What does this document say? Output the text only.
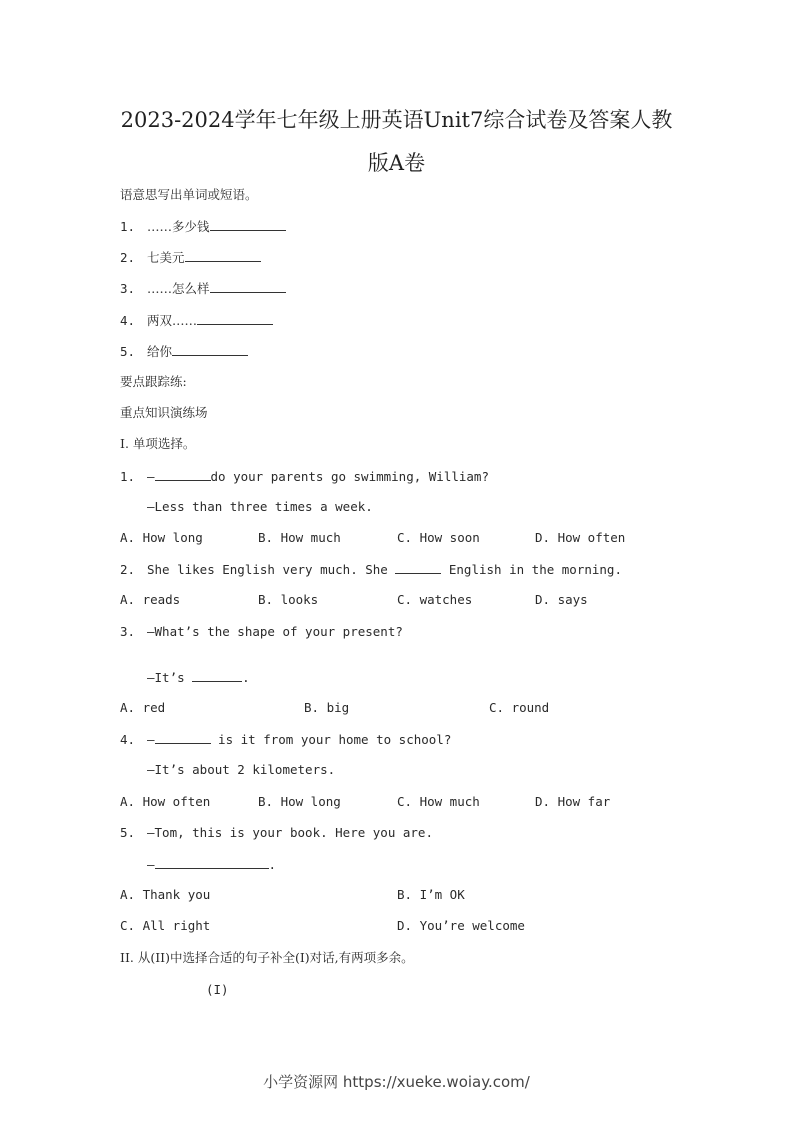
2023-2024学年七年级上册英语Unit7综合试卷及答案人教
版A卷
语意思写出单词或短语。
1. ……多少钱
2. 七美元
3. ……怎么样
4. 两双……
5. 给你
要点跟踪练:
重点知识演练场
I. 单项选择。
1. —	do your parents go swimming, William?
—Less than three times a week.
A. How long	B. How much	C. How soon	D. How often
2. She likes English very much. She	English in the morning.
A. reads	B. looks	C. watches	D. says
3. —What’s the shape of your present?
—It’s	.
A. red	B. big	C. round
4. —	is it from your home to school?
—It’s about 2 kilometers.
A. How often	B. How long	C. How much	D. How far
5. —Tom, this is your book. Here you are.
—	.
A. Thank you	B. I’m OK
C. All right	D. You’re welcome
II. 从(II)中选择合适的句子补全(I)对话,有两项多余。
(I)
小学资源网 https://xueke.woiay.com/
